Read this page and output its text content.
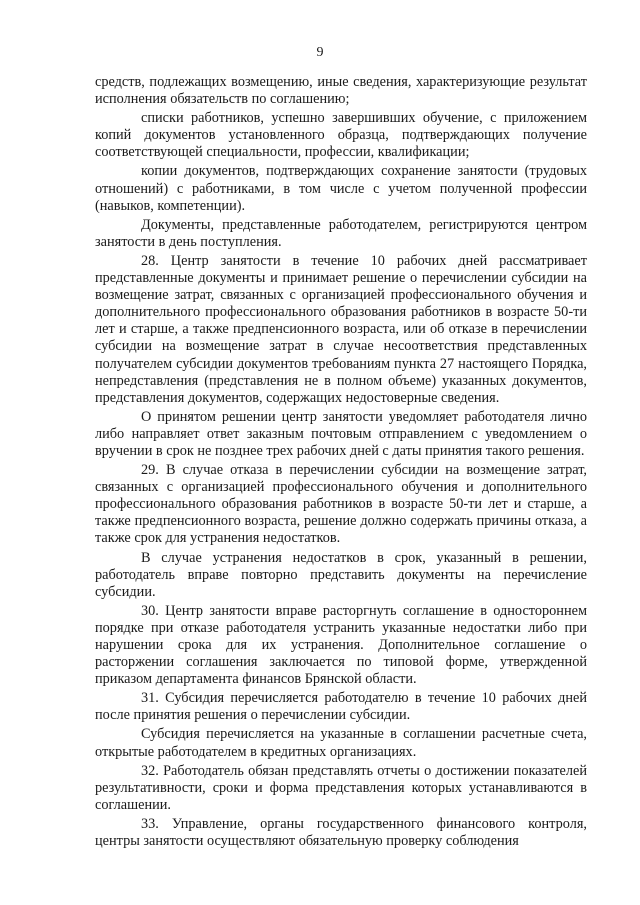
9

средств, подлежащих возмещению, иные сведения, характеризующие результат исполнения обязательств по соглашению;

списки работников, успешно завершивших обучение, с приложением копий документов установленного образца, подтверждающих получение соответствующей специальности, профессии, квалификации;

копии документов, подтверждающих сохранение занятости (трудовых отношений) с работниками, в том числе с учетом полученной профессии (навыков, компетенции).

Документы, представленные работодателем, регистрируются центром занятости в день поступления.

28. Центр занятости в течение 10 рабочих дней рассматривает представленные документы и принимает решение о перечислении субсидии на возмещение затрат, связанных с организацией профессионального обучения и дополнительного профессионального образования работников в возрасте 50-ти лет и старше, а также предпенсионного возраста, или об отказе в перечислении субсидии на возмещение затрат в случае несоответствия представленных получателем субсидии документов требованиям пункта 27 настоящего Порядка, непредставления (представления не в полном объеме) указанных документов, представления документов, содержащих недостоверные сведения.

О принятом решении центр занятости уведомляет работодателя лично либо направляет ответ заказным почтовым отправлением с уведомлением о вручении в срок не позднее трех рабочих дней с даты принятия такого решения.

29. В случае отказа в перечислении субсидии на возмещение затрат, связанных с организацией профессионального обучения и дополнительного профессионального образования работников в возрасте 50-ти лет и старше, а также предпенсионного возраста, решение должно содержать причины отказа, а также срок для устранения недостатков.

В случае устранения недостатков в срок, указанный в решении, работодатель вправе повторно представить документы на перечисление субсидии.

30. Центр занятости вправе расторгнуть соглашение в одностороннем порядке при отказе работодателя устранить указанные недостатки либо при нарушении срока для их устранения. Дополнительное соглашение о расторжении соглашения заключается по типовой форме, утвержденной приказом департамента финансов Брянской области.

31. Субсидия перечисляется работодателю в течение 10 рабочих дней после принятия решения о перечислении субсидии.

Субсидия перечисляется на указанные в соглашении расчетные счета, открытые работодателем в кредитных организациях.

32. Работодатель обязан представлять отчеты о достижении показателей результативности, сроки и форма представления которых устанавливаются в соглашении.

33. Управление, органы государственного финансового контроля, центры занятости осуществляют обязательную проверку соблюдения
